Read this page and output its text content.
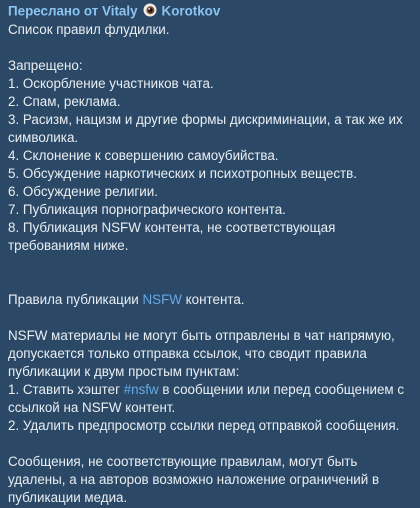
Переслано от Vitaly Korotkov
Список правил флудилки.
Запрещено:
1. Оскорбление участников чата.
2. Спам, реклама.
3. Расизм, нацизм и другие формы дискриминации, а так же их
символика.
4. Склонение к совершению самоубийства.
5. Обсуждение наркотических и психотропных веществ.
6. Обсуждение религии.
7. Публикация порнографического контента.
8. Публикация NSFW контента, не соответствующая
требованиям ниже.
Правила публикации NSFW контента.
NSFW материалы не могут быть отправлены в чат напрямую,
допускается только отправка ссылок, что сводит правила
публикации к двум простым пунктам:
1. Ставить хэштег #nsfw в сообщении или перед сообщением с
ссылкой на NSFW контент.
2. Удалить предпросмотр ссылки перед отправкой сообщения.
Сообщения, не соответствующие правилам, могут быть
удалены, а на авторов возможно наложение ограничений в
публикации медиа.
